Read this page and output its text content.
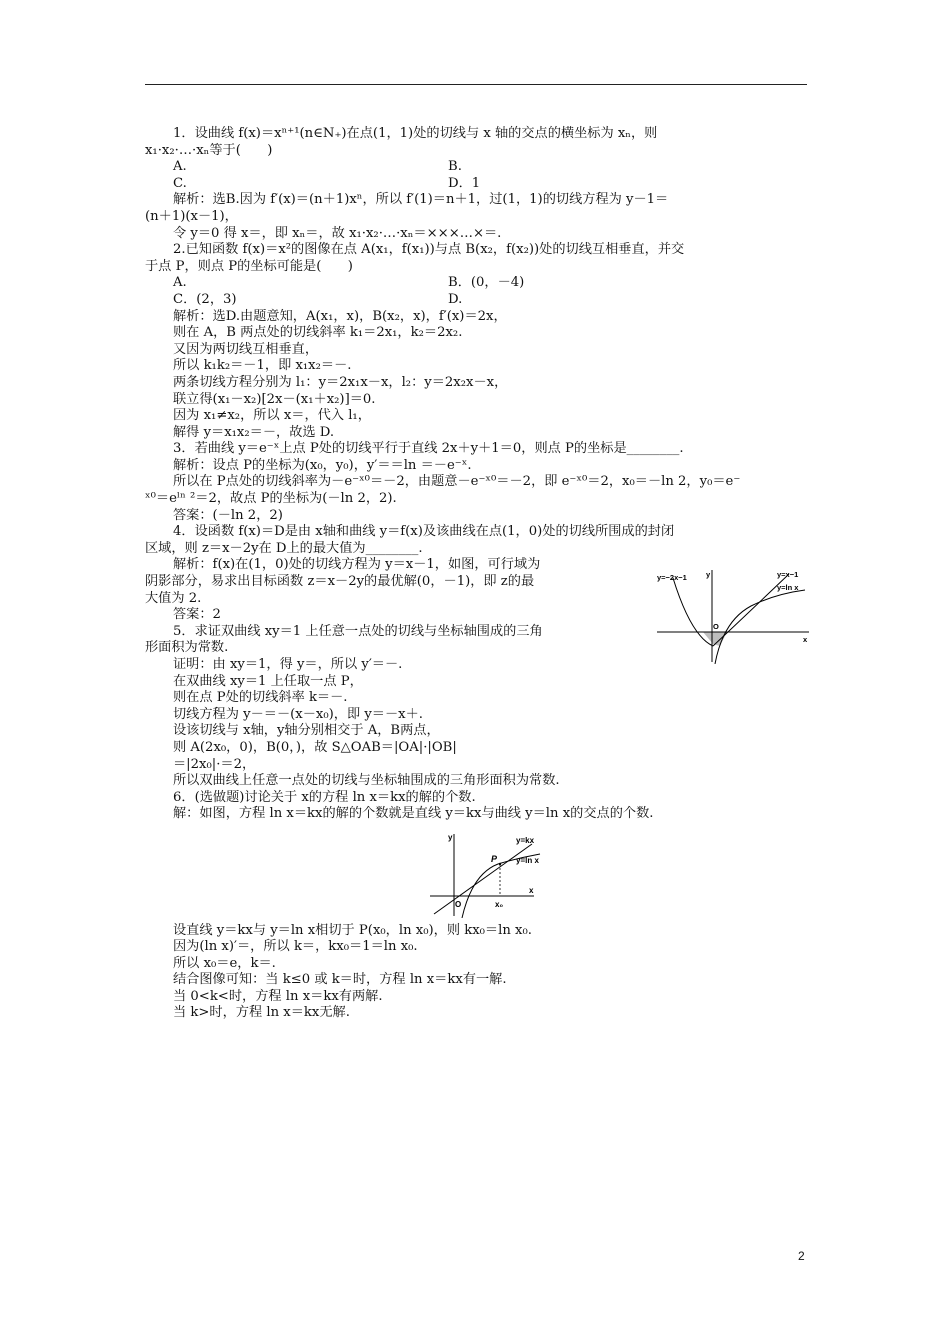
1．设曲线 f(x)＝xⁿ⁺¹(n∈N₊)在点(1，1)处的切线与 x 轴的交点的横坐标为 xₙ，则
x₁·x₂·…·xₙ等于(　　)
A.	B.
C.	D．1
解析：选B.因为 f′(x)＝(n＋1)xⁿ，所以 f′(1)＝n＋1，过(1，1)的切线方程为 y－1＝
(n＋1)(x－1)，
令 y＝0 得 x＝，即 xₙ＝，故 x₁·x₂·…·xₙ＝×××…×＝.
2.已知函数 f(x)＝x²的图像在点 A(x₁，f(x₁))与点 B(x₂，f(x₂))处的切线互相垂直，并交
于点 P，则点 P的坐标可能是(　　)
A.	B．(0，－4)
C．(2，3)	D.
解析：选D.由题意知，A(x₁，x)，B(x₂，x)，f′(x)＝2x，
则在 A，B 两点处的切线斜率 k₁＝2x₁，k₂＝2x₂.
又因为两切线互相垂直，
所以 k₁k₂＝－1，即 x₁x₂＝－.
两条切线方程分别为 l₁：y＝2x₁x－x，l₂：y＝2x₂x－x，
联立得(x₁－x₂)[2x－(x₁＋x₂)]＝0.
因为 x₁≠x₂，所以 x＝，代入 l₁，
解得 y＝x₁x₂＝－，故选 D.
3．若曲线 y＝e⁻ˣ上点 P处的切线平行于直线 2x＋y＋1＝0，则点 P的坐标是________.
解析：设点 P的坐标为(x₀，y₀)，y′＝＝ln ＝－e⁻ˣ.
所以在 P点处的切线斜率为－e⁻ˣ⁰＝－2，由题意－e⁻ˣ⁰＝－2，即 e⁻ˣ⁰＝2，x₀＝－ln 2，y₀＝e⁻
ˣ⁰＝eˡⁿ ²＝2，故点 P的坐标为(－ln 2，2).
答案：(－ln 2，2)
4．设函数 f(x)＝D是由 x轴和曲线 y＝f(x)及该曲线在点(1，0)处的切线所围成的封闭
区域，则 z＝x－2y在 D上的最大值为________.
解析：f(x)在(1，0)处的切线方程为 y＝x－1，如图，可行域为
阴影部分，易求出目标函数 z＝x－2y的最优解(0，－1)，即 z的最
大值为 2.
答案：2
5．求证双曲线 xy＝1 上任意一点处的切线与坐标轴围成的三角
形面积为常数.
证明：由 xy＝1，得 y＝，所以 y′＝－.
在双曲线 xy＝1 上任取一点 P，
则在点 P处的切线斜率 k＝－.
切线方程为 y－＝－(x－x₀)，即 y＝－x＋.
设该切线与 x轴，y轴分别相交于 A，B两点，
则 A(2x₀，0)，B(0，)，故 S△OAB＝|OA|·|OB|
＝|2x₀|·＝2，
所以双曲线上任意一点处的切线与坐标轴围成的三角形面积为常数.
6．(选做题)讨论关于 x的方程 ln x＝kx的解的个数.
解：如图，方程 ln x＝kx的解的个数就是直线 y＝kx与曲线 y＝ln x的交点的个数.
设直线 y＝kx与 y＝ln x相切于 P(x₀，ln x₀)，则 kx₀＝ln x₀.
因为(ln x)′＝，所以 k＝，kx₀＝1＝ln x₀.
所以 x₀＝e，k＝.
结合图像可知：当 k≤0 或 k＝时，方程 ln x＝kx有一解.
当 0<k<时，方程 ln x＝kx有两解.
当 k>时，方程 ln x＝kx无解.
y=−2x−1	y	y=x−1
y=ln x
O
x
y	y=kx
P y=ln x
O	x₀
x
2
